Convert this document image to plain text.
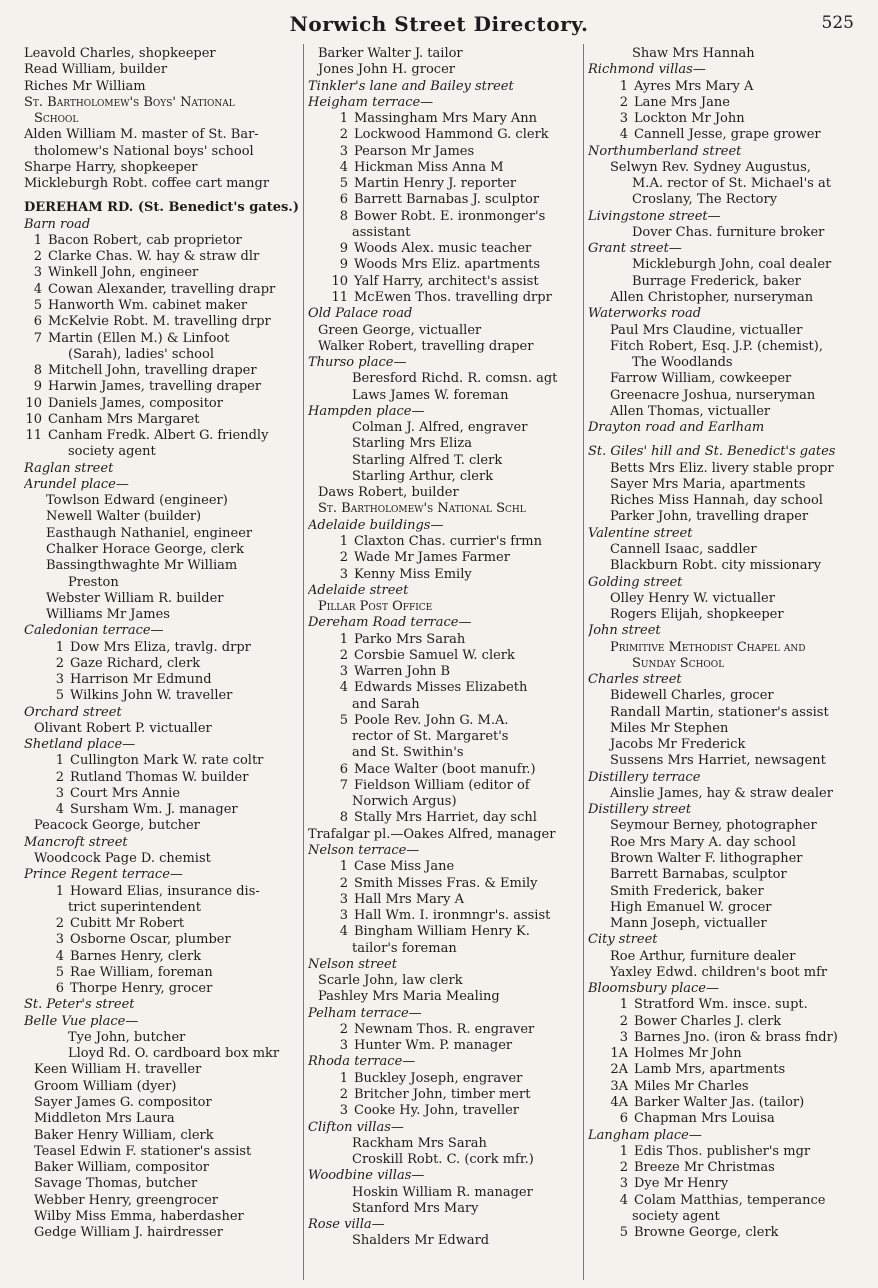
Norwich Street Directory.	525
Leavold Charles, shopkeeper
Read William, builder
Riches Mr William
St. Bartholomew's Boys' National
School
Alden William M. master of St. Bar-
tholomew's National boys' school
Sharpe Harry, shopkeeper
Mickleburgh Robt. coffee cart mangr
DEREHAM RD. (St. Benedict's gates.)
Barn road
1 Bacon Robert, cab proprietor
2 Clarke Chas. W. hay & straw dlr
3 Winkell John, engineer
4 Cowan Alexander, travelling drapr
5 Hanworth Wm. cabinet maker
6 McKelvie Robt. M. travelling drpr
7 Martin (Ellen M.) & Linfoot
(Sarah), ladies' school
8 Mitchell John, travelling draper
9 Harwin James, travelling draper
10 Daniels James, compositor
10 Canham Mrs Margaret
11 Canham Fredk. Albert G. friendly
society agent
Raglan street
Arundel place—
Towlson Edward (engineer)
Newell Walter (builder)
Easthaugh Nathaniel, engineer
Chalker Horace George, clerk
Bassingthwaghte Mr William
Preston
Webster William R. builder
Williams Mr James
Caledonian terrace—
1 Dow Mrs Eliza, travlg. drpr
2 Gaze Richard, clerk
3 Harrison Mr Edmund
5 Wilkins John W. traveller
Orchard street
Olivant Robert P. victualler
Shetland place—
1 Cullington Mark W. rate coltr
2 Rutland Thomas W. builder
3 Court Mrs Annie
4 Sursham Wm. J. manager
Peacock George, butcher
Mancroft street
Woodcock Page D. chemist
Prince Regent terrace—
1 Howard Elias, insurance dis-
trict superintendent
2 Cubitt Mr Robert
3 Osborne Oscar, plumber
4 Barnes Henry, clerk
5 Rae William, foreman
6 Thorpe Henry, grocer
St. Peter's street
Belle Vue place—
Tye John, butcher
Lloyd Rd. O. cardboard box mkr
Keen William H. traveller
Groom William (dyer)
Sayer James G. compositor
Middleton Mrs Laura
Baker Henry William, clerk
Teasel Edwin F. stationer's assist
Baker William, compositor
Savage Thomas, butcher
Webber Henry, greengrocer
Wilby Miss Emma, haberdasher
Gedge William J. hairdresser
Barker Walter J. tailor
Jones John H. grocer
Tinkler's lane and Bailey street
Heigham terrace—
1 Massingham Mrs Mary Ann
2 Lockwood Hammond G. clerk
3 Pearson Mr James
4 Hickman Miss Anna M
5 Martin Henry J. reporter
6 Barrett Barnabas J. sculptor
8 Bower Robt. E. ironmonger's
assistant
9 Woods Alex. music teacher
9 Woods Mrs Eliz. apartments
10 Yalf Harry, architect's assist
11 McEwen Thos. travelling drpr
Old Palace road
Green George, victualler
Walker Robert, travelling draper
Thurso place—
Beresford Richd. R. comsn. agt
Laws James W. foreman
Hampden place—
Colman J. Alfred, engraver
Starling Mrs Eliza
Starling Alfred T. clerk
Starling Arthur, clerk
Daws Robert, builder
St. Bartholomew's National Schl
Adelaide buildings—
1 Claxton Chas. currier's frmn
2 Wade Mr James Farmer
3 Kenny Miss Emily
Adelaide street
Pillar Post Office
Dereham Road terrace—
1 Parko Mrs Sarah
2 Corsbie Samuel W. clerk
3 Warren John B
4 Edwards Misses Elizabeth
and Sarah
5 Poole Rev. John G. M.A.
rector of St. Margaret's
and St. Swithin's
6 Mace Walter (boot manufr.)
7 Fieldson William (editor of
Norwich Argus)
8 Stally Mrs Harriet, day schl
Trafalgar pl.—Oakes Alfred, manager
Nelson terrace—
1 Case Miss Jane
2 Smith Misses Fras. & Emily
3 Hall Mrs Mary A
3 Hall Wm. I. ironmngr's. assist
4 Bingham William Henry K.
tailor's foreman
Nelson street
Scarle John, law clerk
Pashley Mrs Maria Mealing
Pelham terrace—
2 Newnam Thos. R. engraver
3 Hunter Wm. P. manager
Rhoda terrace—
1 Buckley Joseph, engraver
2 Britcher John, timber mert
3 Cooke Hy. John, traveller
Clifton villas—
Rackham Mrs Sarah
Croskill Robt. C. (cork mfr.)
Woodbine villas—
Hoskin William R. manager
Stanford Mrs Mary
Rose villa—
Shalders Mr Edward
Shaw Mrs Hannah
Richmond villas—
1 Ayres Mrs Mary A
2 Lane Mrs Jane
3 Lockton Mr John
4 Cannell Jesse, grape grower
Northumberland street
Selwyn Rev. Sydney Augustus,
M.A. rector of St. Michael's at
Croslany, The Rectory
Livingstone street—
Dover Chas. furniture broker
Grant street—
Mickleburgh John, coal dealer
Burrage Frederick, baker
Allen Christopher, nurseryman
Waterworks road
Paul Mrs Claudine, victualler
Fitch Robert, Esq. J.P. (chemist),
The Woodlands
Farrow William, cowkeeper
Greenacre Joshua, nurseryman
Allen Thomas, victualler
Drayton road and Earlham
St. Giles' hill and St. Benedict's gates
Betts Mrs Eliz. livery stable propr
Sayer Mrs Maria, apartments
Riches Miss Hannah, day school
Parker John, travelling draper
Valentine street
Cannell Isaac, saddler
Blackburn Robt. city missionary
Golding street
Olley Henry W. victualler
Rogers Elijah, shopkeeper
John street
Primitive Methodist Chapel and
Sunday School
Charles street
Bidewell Charles, grocer
Randall Martin, stationer's assist
Miles Mr Stephen
Jacobs Mr Frederick
Sussens Mrs Harriet, newsagent
Distillery terrace
Ainslie James, hay & straw dealer
Distillery street
Seymour Berney, photographer
Roe Mrs Mary A. day school
Brown Walter F. lithographer
Barrett Barnabas, sculptor
Smith Frederick, baker
High Emanuel W. grocer
Mann Joseph, victualler
City street
Roe Arthur, furniture dealer
Yaxley Edwd. children's boot mfr
Bloomsbury place—
1 Stratford Wm. insce. supt.
2 Bower Charles J. clerk
3 Barnes Jno. (iron & brass fndr)
1A Holmes Mr John
2A Lamb Mrs, apartments
3A Miles Mr Charles
4A Barker Walter Jas. (tailor)
6 Chapman Mrs Louisa
Langham place—
1 Edis Thos. publisher's mgr
2 Breeze Mr Christmas
3 Dye Mr Henry
4 Colam Matthias, temperance
society agent
5 Browne George, clerk
